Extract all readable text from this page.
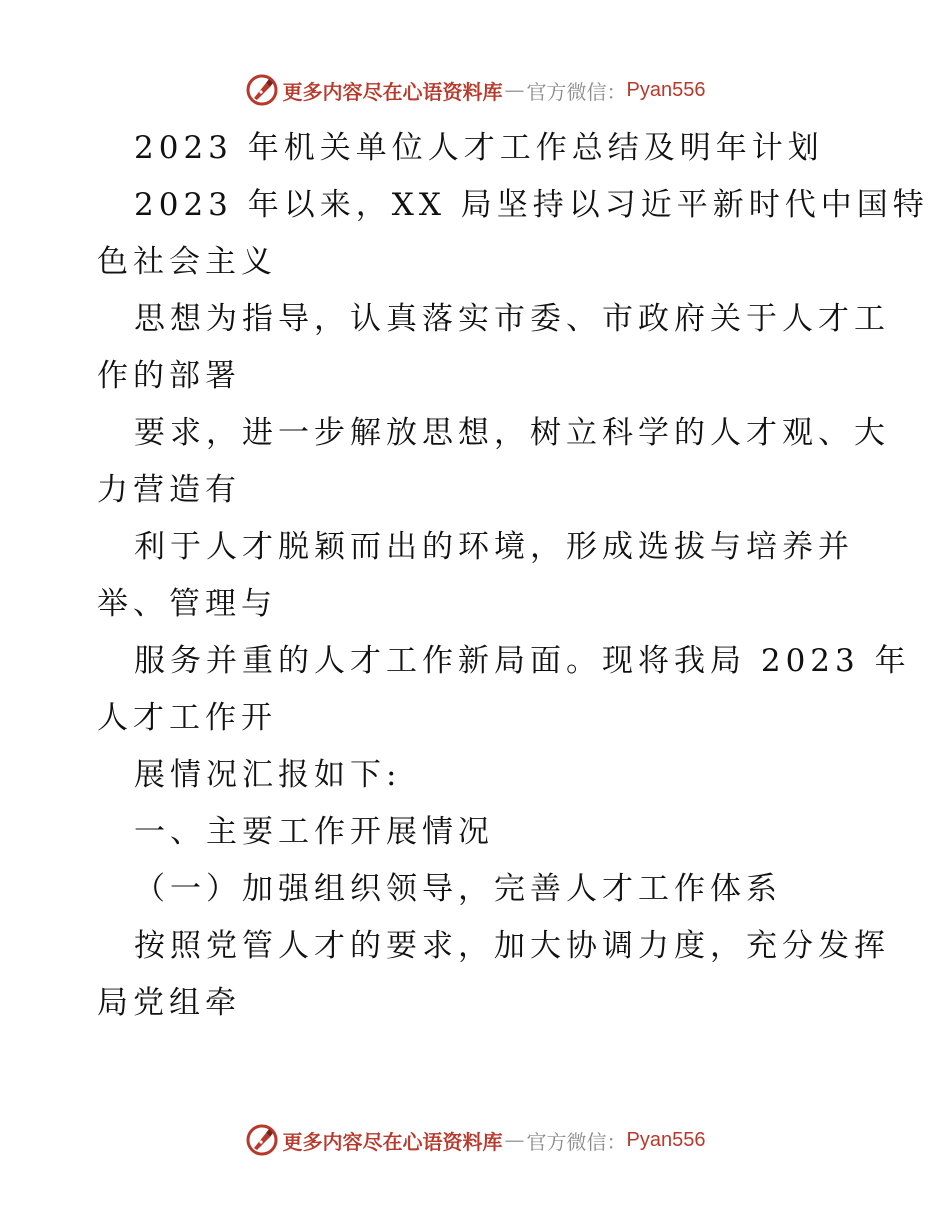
更多内容尽在心语资料库 — 官方微信： Pyan556
2023 年机关单位人才工作总结及明年计划
2023 年以来，XX 局坚持以习近平新时代中国特
色社会主义
思想为指导，认真落实市委、市政府关于人才工
作的部署
要求，进一步解放思想，树立科学的人才观、大
力营造有
利于人才脱颖而出的环境，形成选拔与培养并
举、管理与
服务并重的人才工作新局面。现将我局 2023 年
人才工作开
展情况汇报如下:
一、主要工作开展情况
（一）加强组织领导，完善人才工作体系
按照党管人才的要求，加大协调力度，充分发挥
局党组牵
更多内容尽在心语资料库 — 官方微信： Pyan556
